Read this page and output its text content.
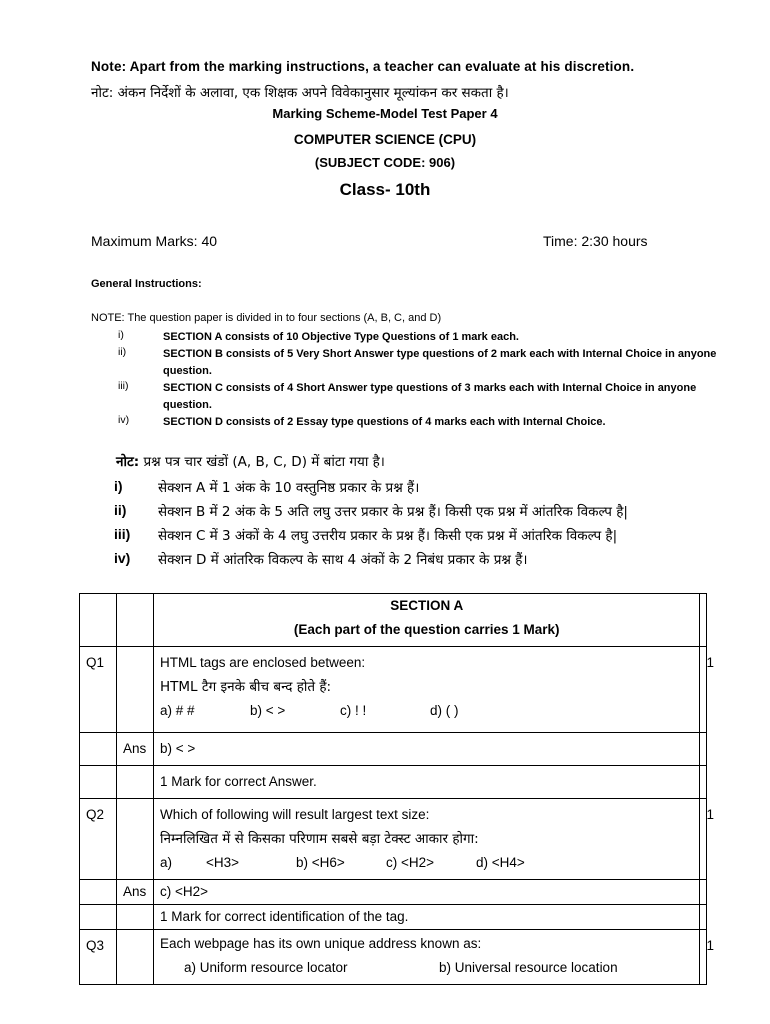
Note: Apart from the marking instructions, a teacher can evaluate at his discretion.
नोट: अंकन निर्देशों के अलावा, एक शिक्षक अपने विवेकानुसार मूल्यांकन कर सकता है।
Marking Scheme-Model Test Paper 4
COMPUTER SCIENCE (CPU)
(SUBJECT CODE: 906)
Class- 10th
Maximum Marks: 40	Time: 2:30 hours
General Instructions:
NOTE: The question paper is divided in to four sections (A, B, C, and D)
i)	SECTION A consists of 10 Objective Type Questions of 1 mark each.
ii)	SECTION B consists of 5 Very Short Answer type questions of 2 mark each with Internal Choice in anyone question.
iii)	SECTION C consists of 4 Short Answer type questions of 3 marks each with Internal Choice in anyone question.
iv)	SECTION D consists of 2 Essay type questions of 4 marks each with Internal Choice.
नोट: प्रश्न पत्र चार खंडों (A, B, C, D) में बांटा गया है।
i)	सेक्शन A में 1 अंक के 10 वस्तुनिष्ठ प्रकार के प्रश्न हैं।
ii) सेक्शन B में 2 अंक के 5 अति लघु उत्तर प्रकार के प्रश्न हैं। किसी एक प्रश्न में आंतरिक विकल्प है|
iii) सेक्शन C में 3 अंकों के 4 लघु उत्तरीय प्रकार के प्रश्न हैं। किसी एक प्रश्न में आंतरिक विकल्प है|
iv) सेक्शन D में आंतरिक विकल्प के साथ 4 अंकों के 2 निबंध प्रकार के प्रश्न हैं।

		SECTION A
(Each part of the question carries 1 Mark)	

Q1		HTML tags are enclosed between:
HTML टैग इनके बीच बन्द होते हैं:
a) # # b) < > c) ! ! d) ( )	1
	Ans	b) < >	
		1 Mark for correct Answer.	
Q2		Which of following will result largest text size:
निम्नलिखित में से किसका परिणाम सबसे बड़ा टेक्स्ट आकार होगा:
a) <H3> b) <H6> c) <H2> d) <H4>	1
	Ans	c) <H2>	
		1 Mark for correct identification of the tag.	
Q3		Each webpage has its own unique address known as:
a) Uniform resource locator b) Universal resource location	1
